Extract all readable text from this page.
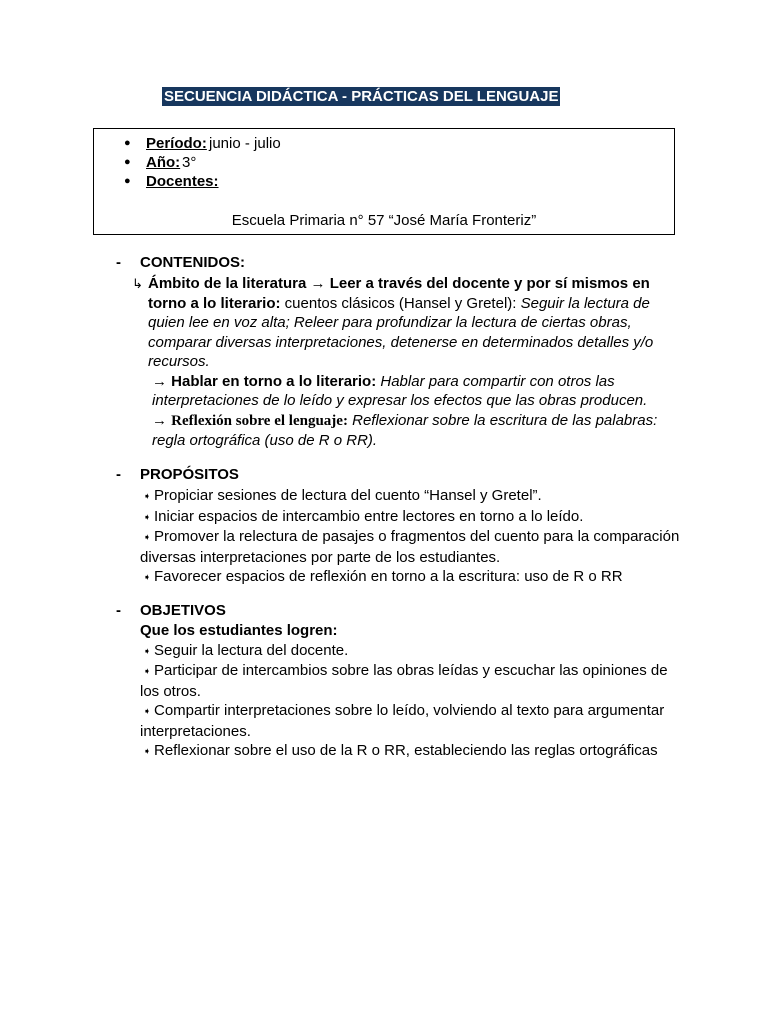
SECUENCIA DIDÁCTICA - PRÁCTICAS DEL LENGUAJE
● Período: junio - julio
● Año: 3°
● Docentes:
Escuela Primaria n° 57 “José María Fronteriz”
- CONTENIDOS:
↳ Ámbito de la literatura → Leer a través del docente y por sí mismos en torno a lo literario: cuentos clásicos (Hansel y Gretel): Seguir la lectura de quien lee en voz alta; Releer para profundizar la lectura de ciertas obras, comparar diversas interpretaciones, detenerse en determinados detalles y/o recursos.

→ Hablar en torno a lo literario: Hablar para compartir con otros las interpretaciones de lo leído y expresar los efectos que las obras producen.

→ Reflexión sobre el lenguaje: Reflexionar sobre la escritura de las palabras: regla ortográfica (uso de R o RR).

- PROPÓSITOS
➧ Propiciar sesiones de lectura del cuento “Hansel y Gretel”.
➧ Iniciar espacios de intercambio entre lectores en torno a lo leído.
➧ Promover la relectura de pasajes o fragmentos del cuento para la comparación diversas interpretaciones por parte de los estudiantes.
➧ Favorecer espacios de reflexión en torno a la escritura: uso de R o RR
- OBJETIVOS
Que los estudiantes logren:
➧ Seguir la lectura del docente.
➧ Participar de intercambios sobre las obras leídas y escuchar las opiniones de los otros.
➧ Compartir interpretaciones sobre lo leído, volviendo al texto para argumentar interpretaciones.
➧ Reflexionar sobre el uso de la R o RR, estableciendo las reglas ortográficas
